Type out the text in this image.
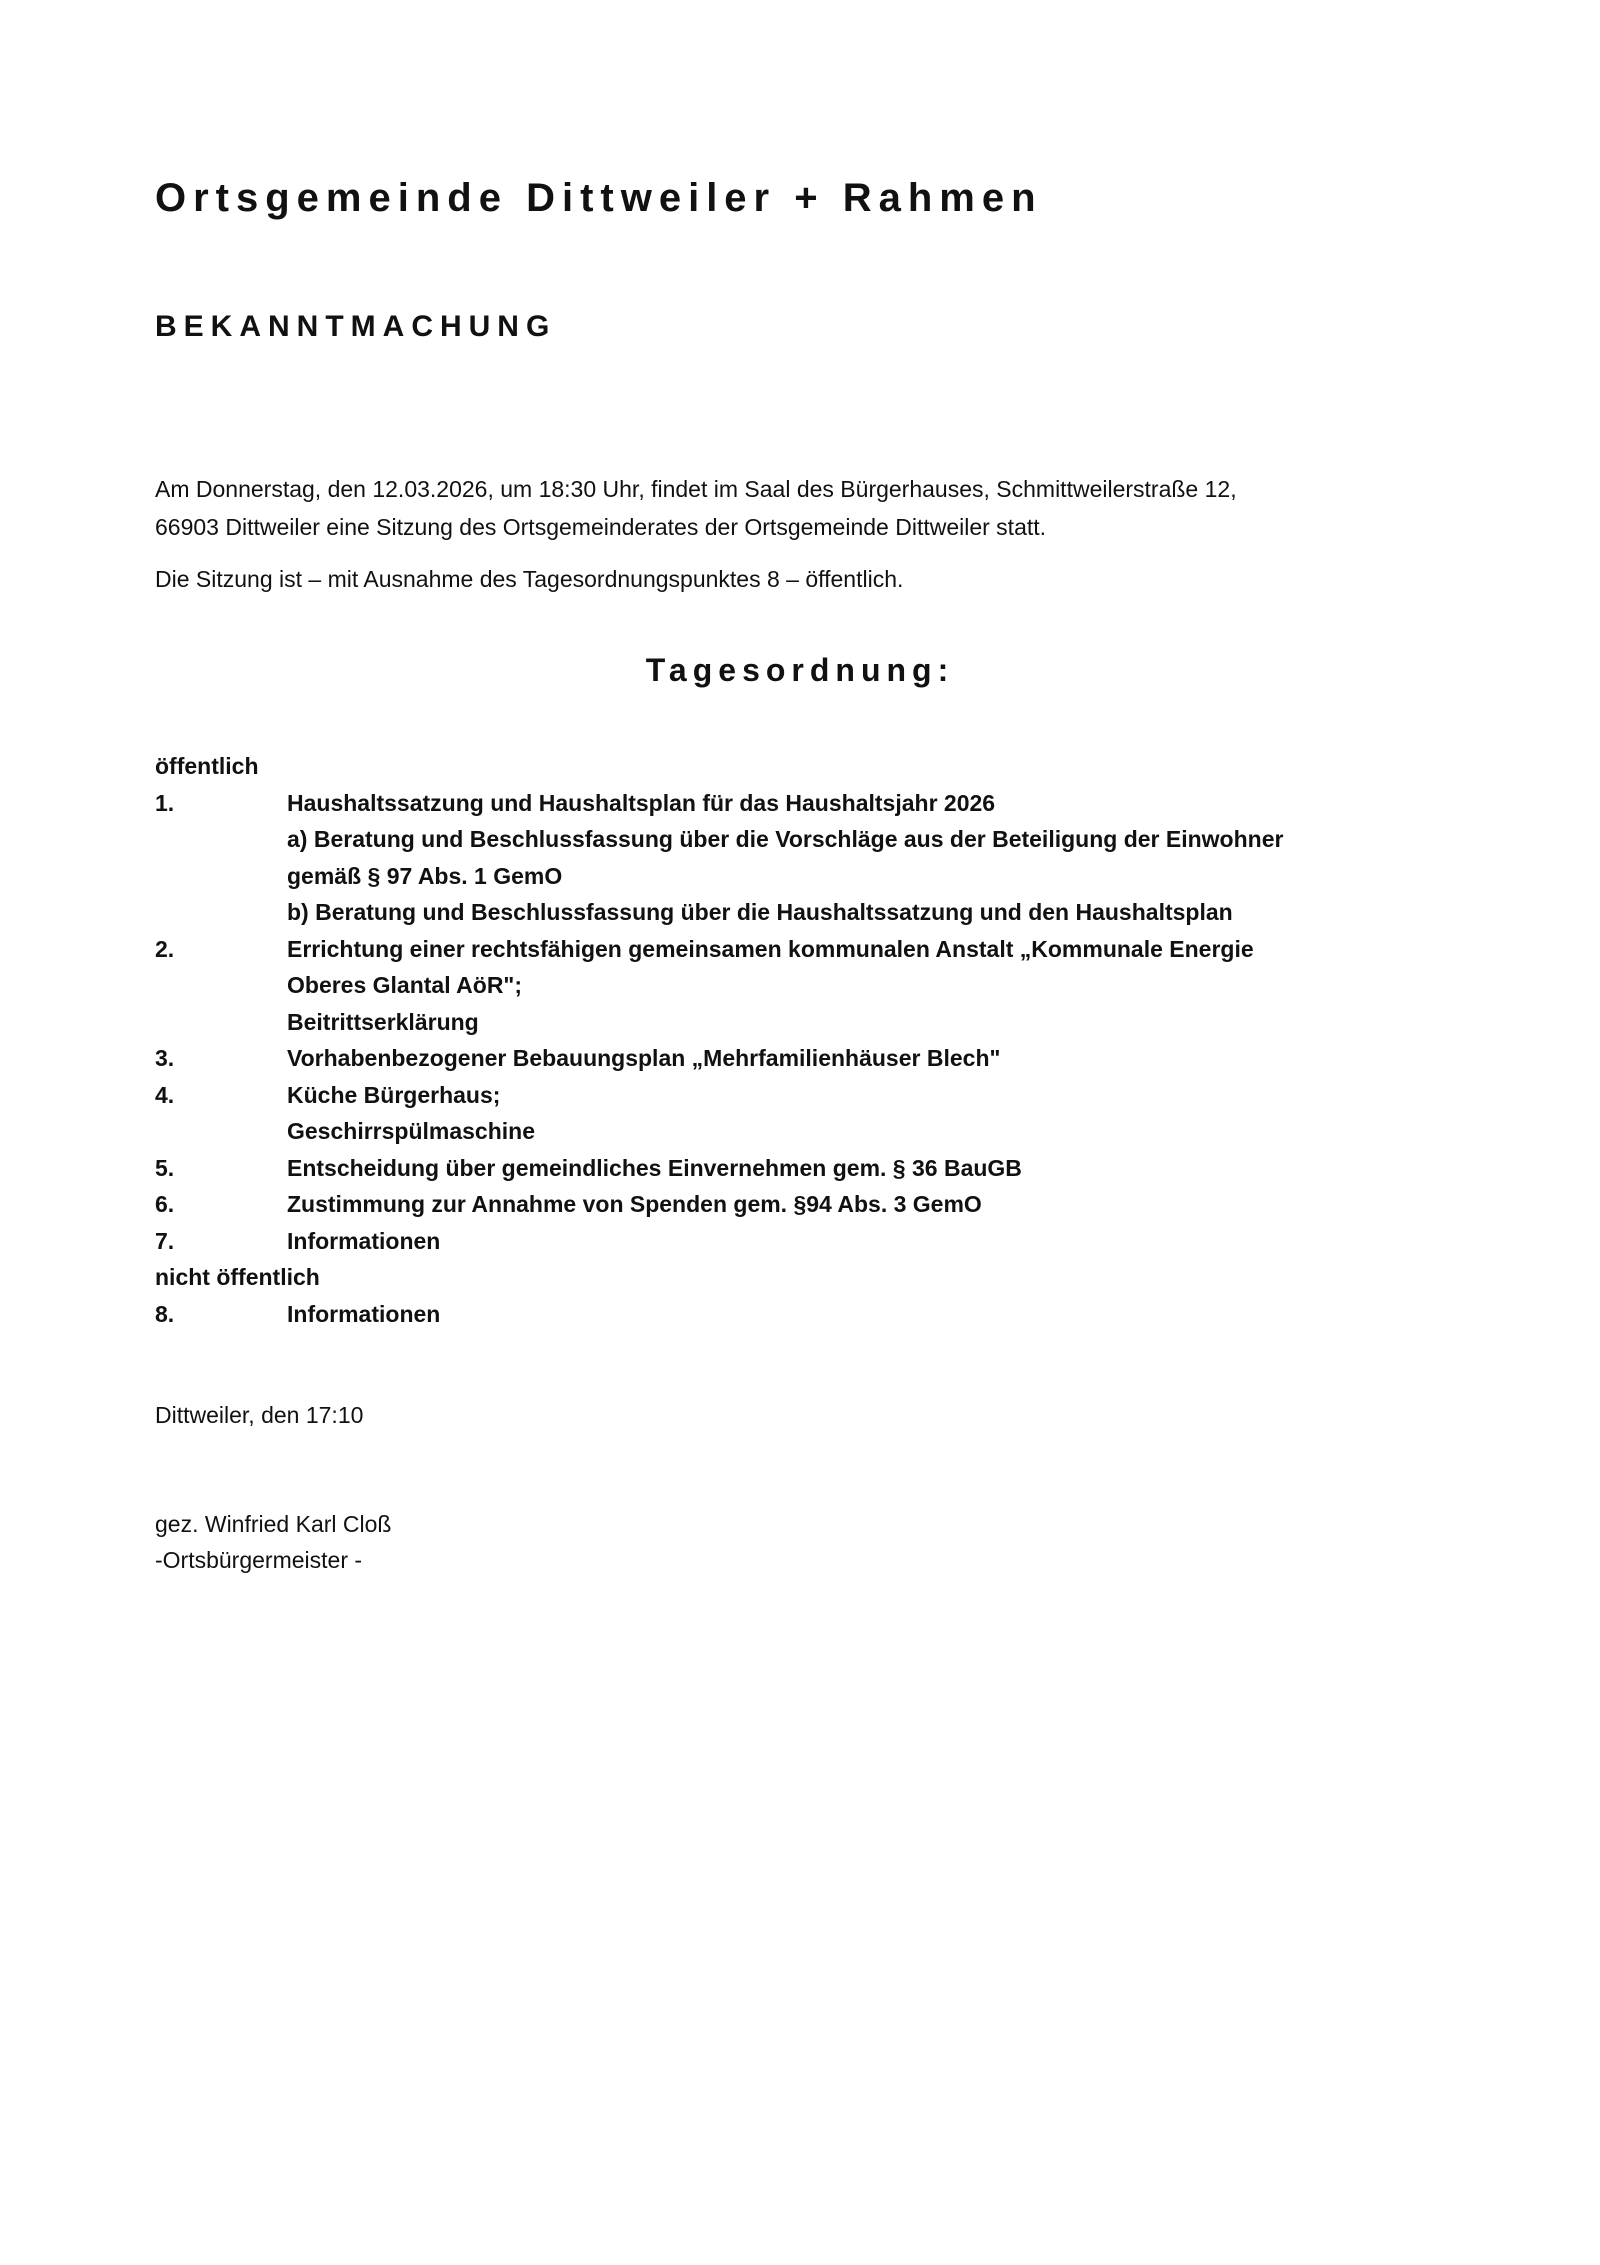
Ortsgemeinde Dittweiler + Rahmen
BEKANNTMACHUNG

Am Donnerstag, den 12.03.2026, um 18:30 Uhr, findet im Saal des Bürgerhauses, Schmittweilerstraße 12,

66903 Dittweiler eine Sitzung des Ortsgemeinderates der Ortsgemeinde Dittweiler statt.

Die Sitzung ist – mit Ausnahme des Tagesordnungspunktes 8 – öffentlich.

Tagesordnung:
öffentlich
1.	Haushaltssatzung und Haushaltsplan für das Haushaltsjahr 2026
a) Beratung und Beschlussfassung über die Vorschläge aus der Beteiligung der Einwohner
gemäß § 97 Abs. 1 GemO
b) Beratung und Beschlussfassung über die Haushaltssatzung und den Haushaltsplan
2.	Errichtung einer rechtsfähigen gemeinsamen kommunalen Anstalt „Kommunale Energie
Oberes Glantal AöR";
Beitrittserklärung
3.	Vorhabenbezogener Bebauungsplan „Mehrfamilienhäuser Blech"
4.	Küche Bürgerhaus;
Geschirrspülmaschine
5.	Entscheidung über gemeindliches Einvernehmen gem. § 36 BauGB
6.	Zustimmung zur Annahme von Spenden gem. §94 Abs. 3 GemO
7.	Informationen
nicht öffentlich
8.	Informationen
Dittweiler, den 17:10
gez. Winfried Karl Cloß
-Ortsbürgermeister -
